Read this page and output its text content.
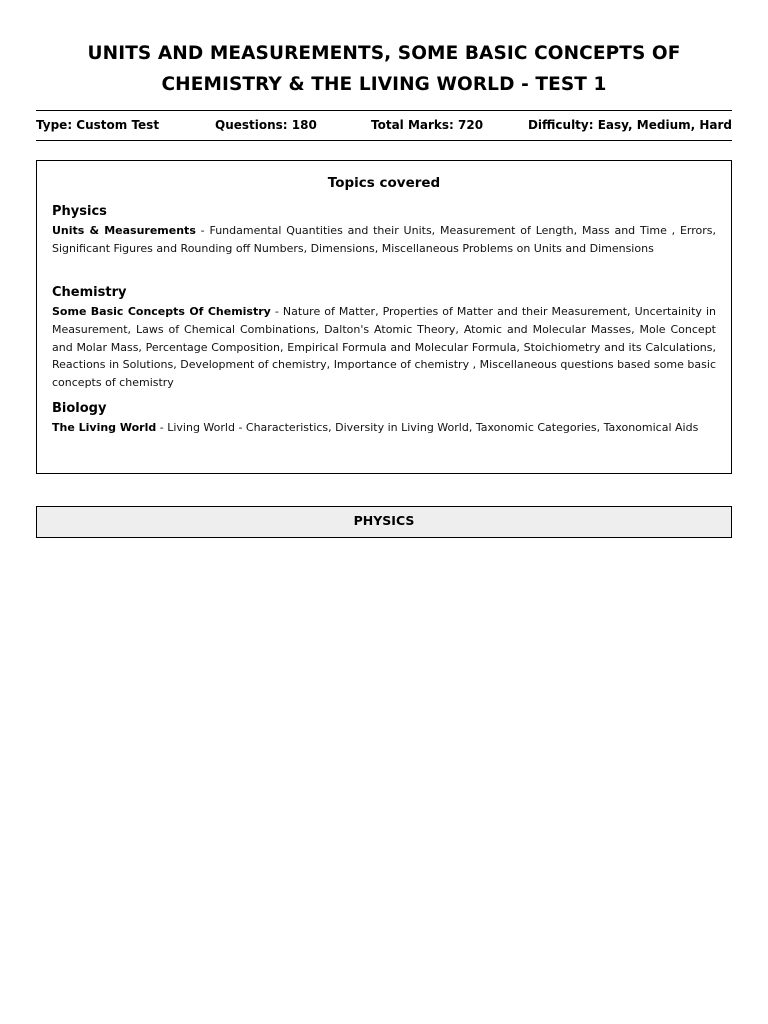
UNITS AND MEASUREMENTS, SOME BASIC CONCEPTS OF CHEMISTRY & THE LIVING WORLD - TEST 1
Type: Custom Test	Questions: 180	Total Marks: 720	Difficulty: Easy, Medium, Hard
Topics covered
Physics
Units & Measurements - Fundamental Quantities and their Units, Measurement of Length, Mass and Time , Errors, Significant Figures and Rounding off Numbers, Dimensions, Miscellaneous Problems on Units and Dimensions
Chemistry
Some Basic Concepts Of Chemistry - Nature of Matter, Properties of Matter and their Measurement, Uncertainity in Measurement, Laws of Chemical Combinations, Dalton's Atomic Theory, Atomic and Molecular Masses, Mole Concept and Molar Mass, Percentage Composition, Empirical Formula and Molecular Formula, Stoichiometry and its Calculations, Reactions in Solutions, Development of chemistry, Importance of chemistry , Miscellaneous questions based some basic concepts of chemistry
Biology
The Living World - Living World - Characteristics, Diversity in Living World, Taxonomic Categories, Taxonomical Aids
PHYSICS
